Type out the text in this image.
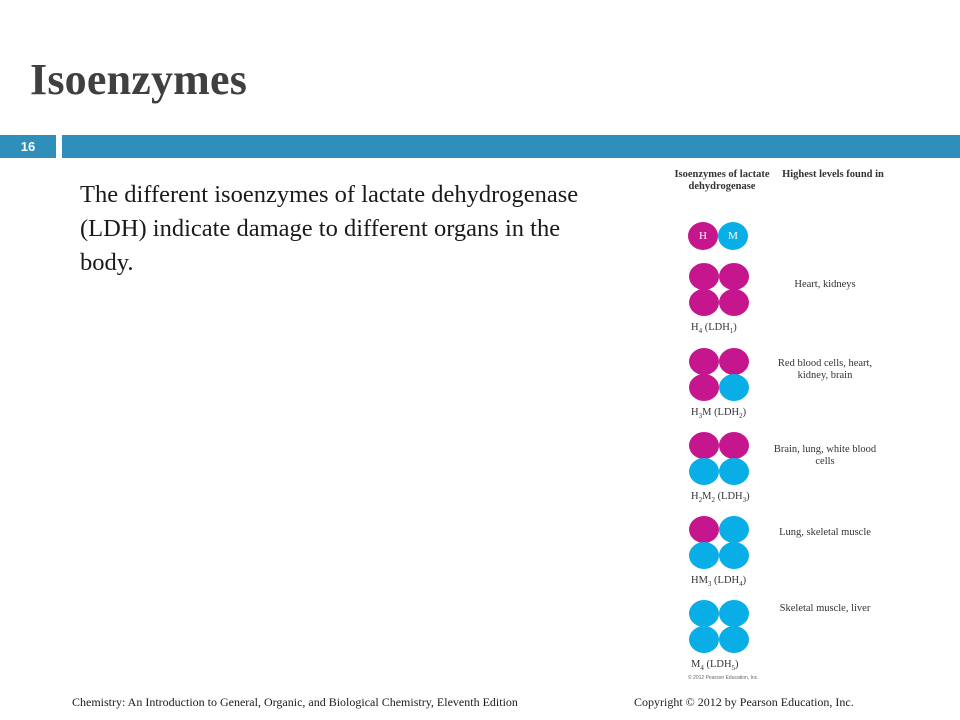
Isoenzymes
16

The different isoenzymes of lactate dehydrogenase (LDH) indicate damage to different organs in the body.

Isoenzymes of lactate dehydrogenase

Highest levels found in

H	M
$H_4$ $(LDH_1)$

Heart, kidneys

$H_3M$ $(LDH_2)$

Red blood cells, heart, kidney, brain

$H_2M_2$ $(LDH_3)$

Brain, lung, white blood cells

$HM_3$ $(LDH_4)$

Lung, skeletal muscle

$M_4$ $(LDH_5)$

Skeletal muscle, liver

© 2012 Pearson Education, Inc.
Chemistry: An Introduction to General, Organic, and Biological Chemistry, Eleventh Edition	Copyright © 2012 by Pearson Education, Inc.
